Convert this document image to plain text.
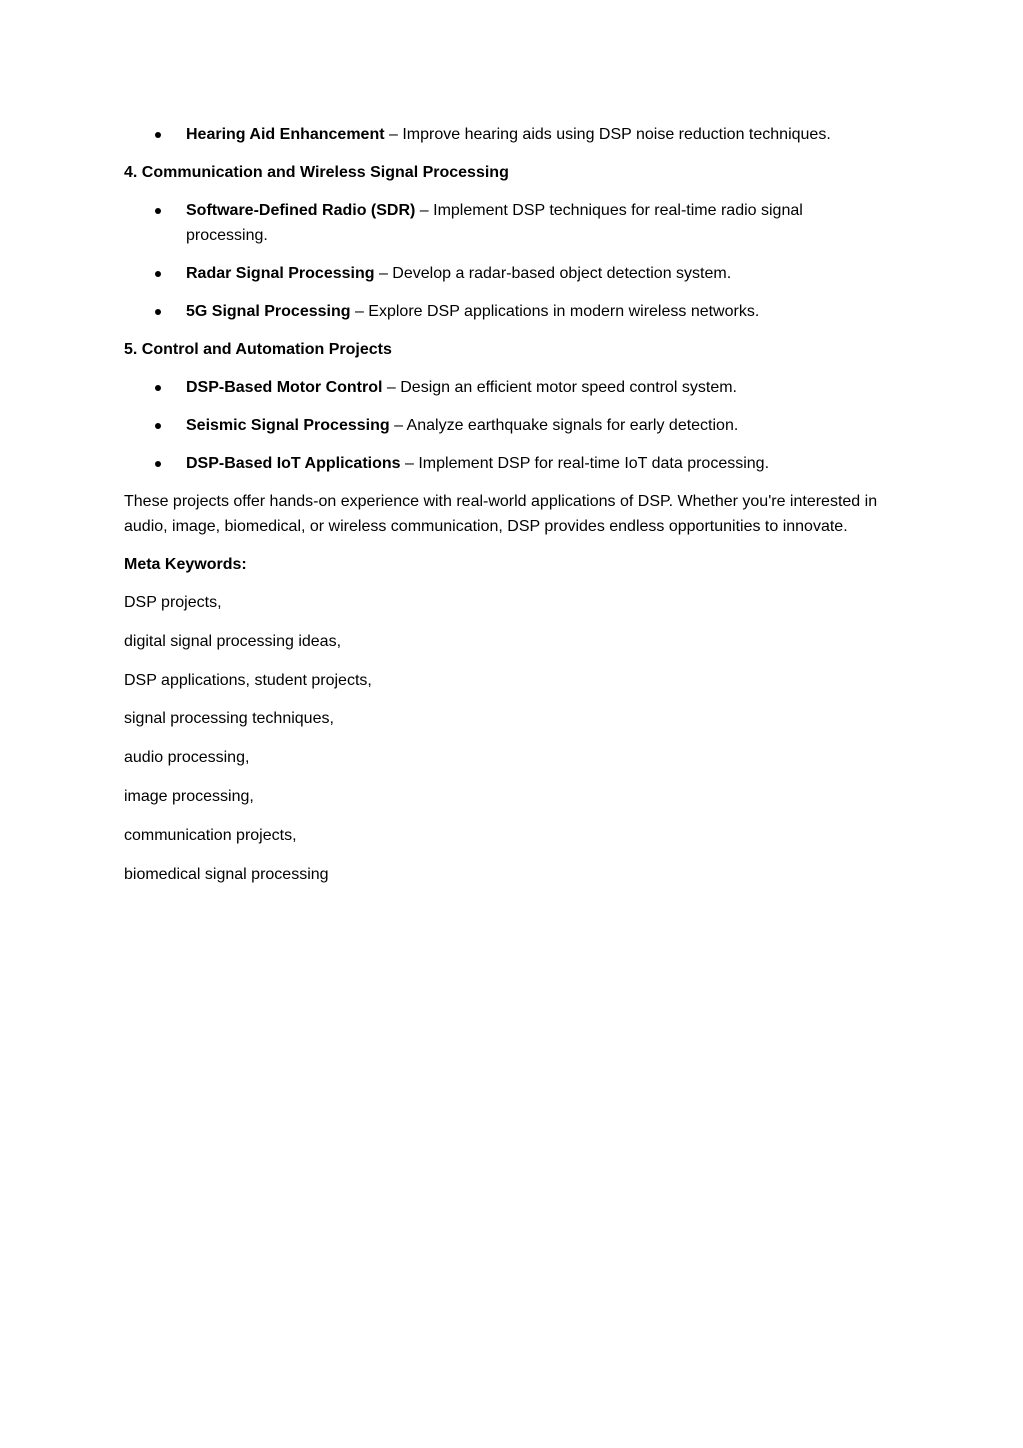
Hearing Aid Enhancement – Improve hearing aids using DSP noise reduction techniques.

4. Communication and Wireless Signal Processing

Software-Defined Radio (SDR) – Implement DSP techniques for real-time radio signal processing.
Radar Signal Processing – Develop a radar-based object detection system.
5G Signal Processing – Explore DSP applications in modern wireless networks.

5. Control and Automation Projects

DSP-Based Motor Control – Design an efficient motor speed control system.
Seismic Signal Processing – Analyze earthquake signals for early detection.
DSP-Based IoT Applications – Implement DSP for real-time IoT data processing.

These projects offer hands-on experience with real-world applications of DSP. Whether you're interested in audio, image, biomedical, or wireless communication, DSP provides endless opportunities to innovate.

Meta Keywords:

DSP projects,

digital signal processing ideas,

DSP applications, student projects,

signal processing techniques,

audio processing,

image processing,

communication projects,

biomedical signal processing
